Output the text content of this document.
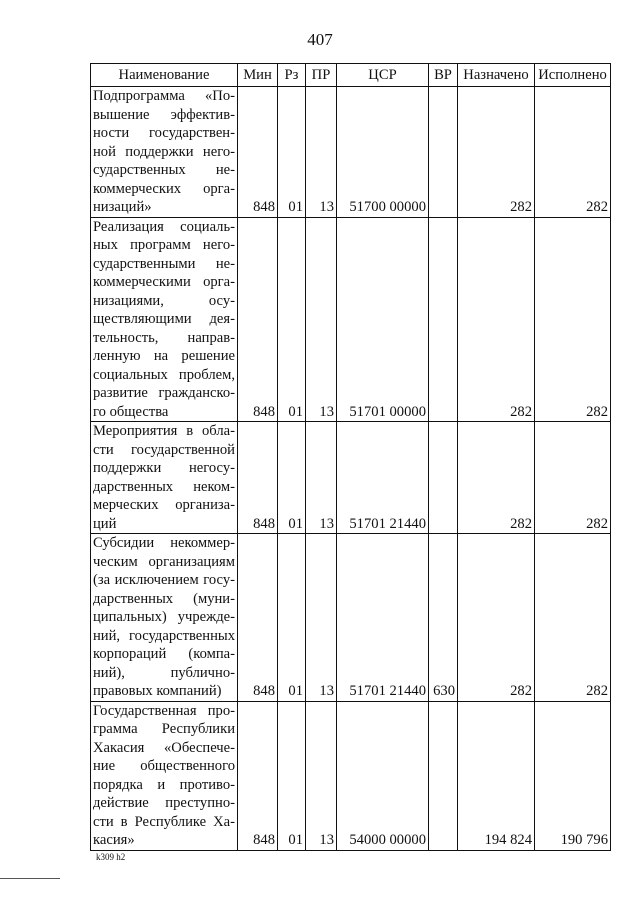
407
Наименование	Мин	Рз	ПР	ЦСР	ВР	Назначено	Исполнено
Подпрограмма «Повышение эффективности государственной поддержки негосударственных некоммерческих организаций»	848	01	13	51700 00000		282	282
Реализация социальных программ негосударственными некоммерческими организациями, осуществляющими деятельность, направленную на решение социальных проблем, развитие гражданского общества	848	01	13	51701 00000		282	282
Мероприятия в области государственной поддержки негосударственных некоммерческих организаций	848	01	13	51701 21440		282	282
Субсидии некоммерческим организациям (за исключением государственных (муниципальных) учреждений, государственных корпораций (компаний), публично-правовых компаний)	848	01	13	51701 21440	630	282	282
Государственная программа Республики Хакасия «Обеспечение общественного порядка и противодействие преступности в Республике Хакасия»	848	01	13	54000 00000		194 824	190 796
k309 h2
